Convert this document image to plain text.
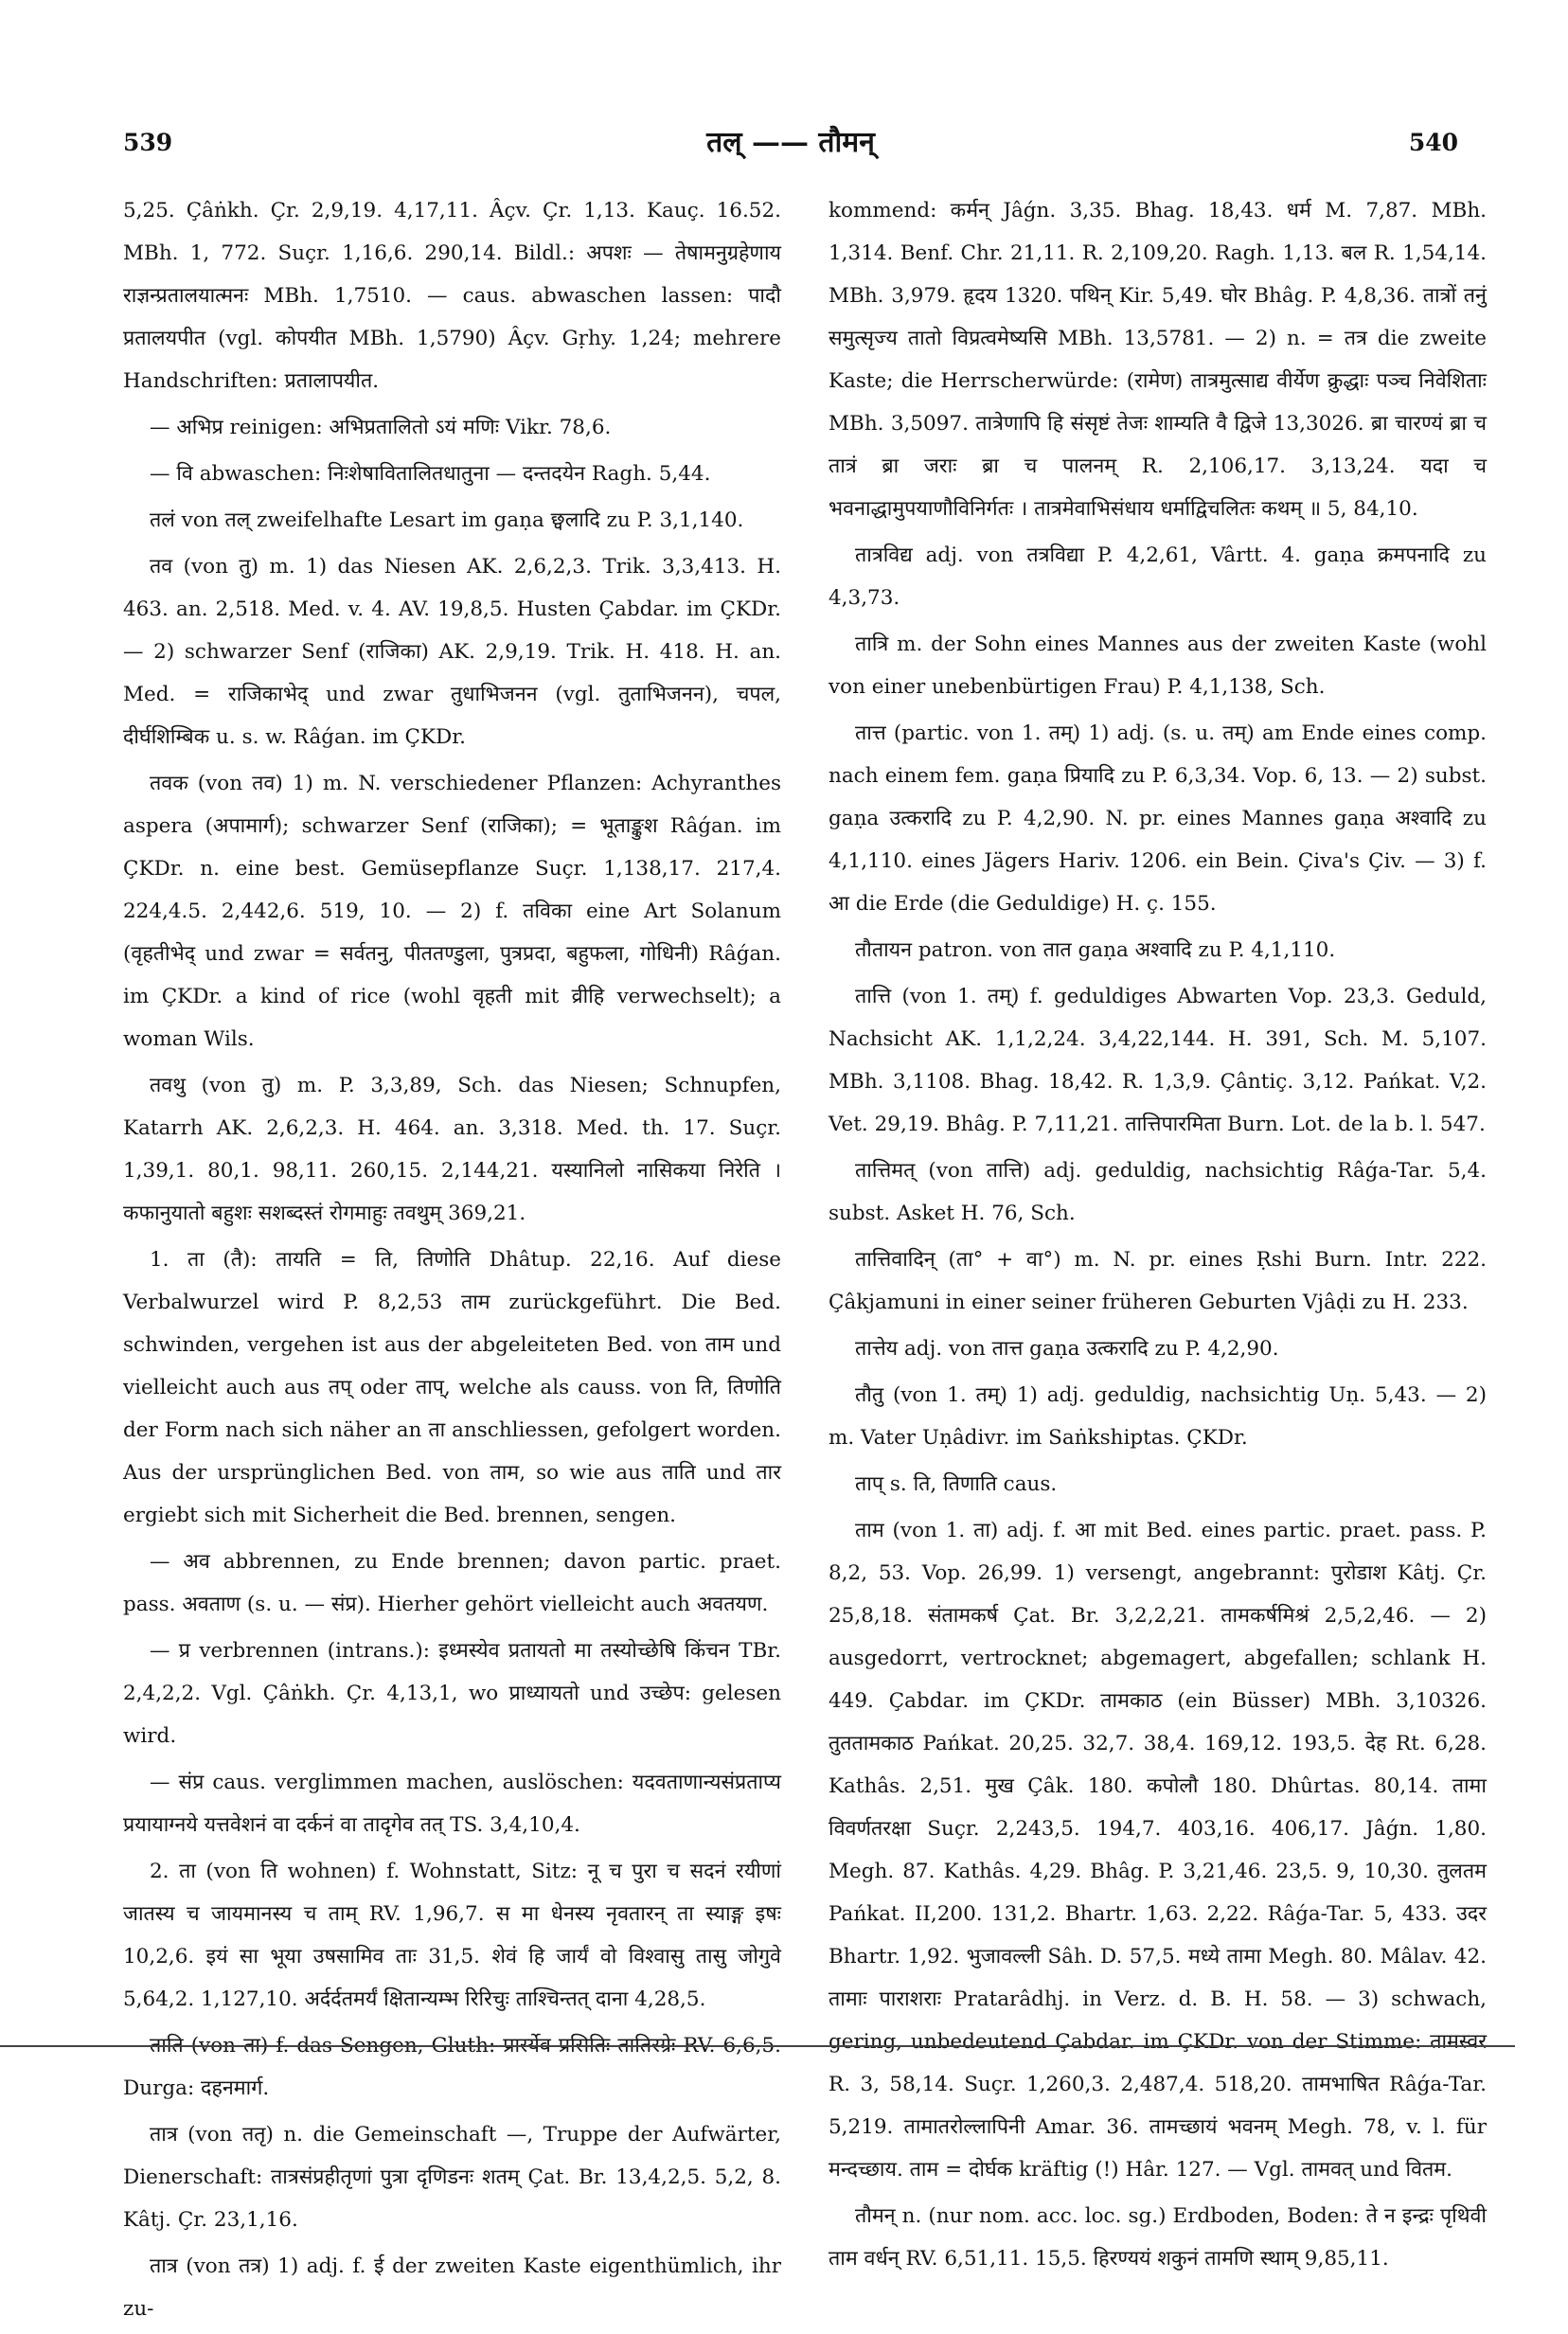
539	तल् —— तौमन्	540

5,25. Çâṅkh. Çr. 2,9,19. 4,17,11. Âçv. Çr. 1,13. Kauç. 16.52. MBh. 1, 772. Suçr. 1,16,6. 290,14. Bildl.: अपशः — तेषामनुग्रहेणाय राज्ञन्प्रतालयात्मनः MBh. 1,7510. — caus. abwaschen lassen: पादौ प्रतालयपीत (vgl. कोपयीत MBh. 1,5790) Âçv. Gṛhy. 1,24; mehrere Handschriften: प्रतालापयीत.

— अभिप्र reinigen: अभिप्रतालितो ऽयं मणिः Vikr. 78,6.

— वि abwaschen: निःशेषावितालितधातुना — दन्तदयेन Ragh. 5,44.

तलं von तल् zweifelhafte Lesart im gaṇa छ्वलादि zu P. 3,1,140.

तव (von तु) m. 1) das Niesen AK. 2,6,2,3. Trik. 3,3,413. H. 463. an. 2,518. Med. v. 4. AV. 19,8,5. Husten Çabdar. im ÇKDr. — 2) schwarzer Senf (राजिका) AK. 2,9,19. Trik. H. 418. H. an. Med. = राजिकाभेद् und zwar तुधाभिजनन (vgl. तुताभिजनन), चपल, दीर्घशिम्बिक u. s. w. Râǵan. im ÇKDr.

तवक (von तव) 1) m. N. verschiedener Pflanzen: Achyranthes aspera (अपामार्ग); schwarzer Senf (राजिका); = भूताङ्कुश Râǵan. im ÇKDr. n. eine best. Gemüsepflanze Suçr. 1,138,17. 217,4. 224,4.5. 2,442,6. 519, 10. — 2) f. तविका eine Art Solanum (वृहतीभेद् und zwar = सर्वतनु, पीततण्डुला, पुत्रप्रदा, बहुफला, गोधिनी) Râǵan. im ÇKDr. a kind of rice (wohl वृहती mit व्रीहि verwechselt); a woman Wils.

तवथु (von तु) m. P. 3,3,89, Sch. das Niesen; Schnupfen, Katarrh AK. 2,6,2,3. H. 464. an. 3,318. Med. th. 17. Suçr. 1,39,1. 80,1. 98,11. 260,15. 2,144,21. यस्यानिलो नासिकया निरेति । कफानुयातो बहुशः सशब्दस्तं रोगमाहुः तवथुम् 369,21.

1. ता (तै): तायति = ति, तिणोति Dhâtup. 22,16. Auf diese Verbalwurzel wird P. 8,2,53 ताम zurückgeführt. Die Bed. schwinden, vergehen ist aus der abgeleiteten Bed. von ताम und vielleicht auch aus तप् oder ताप्, welche als causs. von ति, तिणोति der Form nach sich näher an ता anschliessen, gefolgert worden. Aus der ursprünglichen Bed. von ताम, so wie aus ताति und तार ergiebt sich mit Sicherheit die Bed. brennen, sengen.

— अव abbrennen, zu Ende brennen; davon partic. praet. pass. अवताण (s. u. — संप्र). Hierher gehört vielleicht auch अवतयण.

— प्र verbrennen (intrans.): इध्मस्येव प्रतायतो मा तस्योच्छेषि किंचन TBr. 2,4,2,2. Vgl. Çâṅkh. Çr. 4,13,1, wo प्राध्यायतो und उच्छेप: gelesen wird.

— संप्र caus. verglimmen machen, auslöschen: यदवताणान्यसंप्रताप्य प्रयायाग्नये यत्तवेशनं वा दर्कनं वा तादृगेव तत् TS. 3,4,10,4.

2. ता (von ति wohnen) f. Wohnstatt, Sitz: नू च पुरा च सदनं रयीणां जातस्य च जायमानस्य च ताम् RV. 1,96,7. स मा धेनस्य नृवतारन् ता स्याङ्ग इषः 10,2,6. इयं सा भूया उषसामिव ताः 31,5. शेवं हि जार्यं वो विश्वासु तासु जोगुवे 5,64,2. 1,127,10. अर्दर्दतमर्यं क्षितान्यम्भ रिरिचुः ताश्चिन्तत् दाना 4,28,5.

ताति (von ता) f. das Sengen, Gluth: प्रार्स्येव प्रसितिः तातिरग्रेः RV. 6,6,5. Durga: दहनमार्ग.

तात्र (von ततृ) n. die Gemeinschaft —, Truppe der Aufwärter, Dienerschaft: तात्रसंप्रहीतृणां पुत्रा दृणिडनः शतम् Çat. Br. 13,4,2,5. 5,2, 8. Kâtj. Çr. 23,1,16.

तात्र (von तत्र) 1) adj. f. ई der zweiten Kaste eigenthümlich, ihr zu-

kommend: कर्मन् Jâǵn. 3,35. Bhag. 18,43. धर्म M. 7,87. MBh. 1,314. Benf. Chr. 21,11. R. 2,109,20. Ragh. 1,13. बल R. 1,54,14. MBh. 3,979. हृदय 1320. पथिन् Kir. 5,49. घोर Bhâg. P. 4,8,36. तात्रों तनुं समुत्सृज्य तातो विप्रत्वमेष्यसि MBh. 13,5781. — 2) n. = तत्र die zweite Kaste; die Herrscherwürde: (रामेण) तात्रमुत्साद्य वीर्येण क्रुद्धाः पञ्च निवेशिताः MBh. 3,5097. तात्रेणापि हि संसृष्टं तेजः शाम्यति वै द्विजे 13,3026. ब्रा चारण्यं ब्रा च तात्रं ब्रा जराः ब्रा च पालनम् R. 2,106,17. 3,13,24. यदा च भवनाद्धामुपयाणौविनिर्गतः । तात्रमेवाभिसंधाय धर्माद्विचलितः कथम् ॥ 5, 84,10.

तात्रविद्य adj. von तत्रविद्या P. 4,2,61, Vârtt. 4. gaṇa क्रमपनादि zu 4,3,73.

तात्रि m. der Sohn eines Mannes aus der zweiten Kaste (wohl von einer unebenbürtigen Frau) P. 4,1,138, Sch.

तात्त (partic. von 1. तम्) 1) adj. (s. u. तम्) am Ende eines comp. nach einem fem. gaṇa प्रियादि zu P. 6,3,34. Vop. 6, 13. — 2) subst. gaṇa उत्करादि zu P. 4,2,90. N. pr. eines Mannes gaṇa अश्वादि zu 4,1,110. eines Jägers Hariv. 1206. ein Bein. Çiva's Çiv. — 3) f. आ die Erde (die Geduldige) H. ç. 155.

तौतायन patron. von तात gaṇa अश्वादि zu P. 4,1,110.

तात्ति (von 1. तम्) f. geduldiges Abwarten Vop. 23,3. Geduld, Nachsicht AK. 1,1,2,24. 3,4,22,144. H. 391, Sch. M. 5,107. MBh. 3,1108. Bhag. 18,42. R. 1,3,9. Çântiç. 3,12. Pańkat. V,2. Vet. 29,19. Bhâg. P. 7,11,21. तात्तिपारमिता Burn. Lot. de la b. l. 547.

तात्तिमत् (von तात्ति) adj. geduldig, nachsichtig Râǵa-Tar. 5,4. subst. Asket H. 76, Sch.

तात्तिवादिन् (ता° + वा°) m. N. pr. eines Ṛshi Burn. Intr. 222. Çâkjamuni in einer seiner früheren Geburten Vjâḍi zu H. 233.

तात्तेय adj. von तात्त gaṇa उत्करादि zu P. 4,2,90.

तौतु (von 1. तम्) 1) adj. geduldig, nachsichtig Uṇ. 5,43. — 2) m. Vater Uṇâdivr. im Saṅkshiptas. ÇKDr.

ताप् s. ति, तिणाति caus.

ताम (von 1. ता) adj. f. आ mit Bed. eines partic. praet. pass. P. 8,2, 53. Vop. 26,99. 1) versengt, angebrannt: पुरोडाश Kâtj. Çr. 25,8,18. संतामकर्ष Çat. Br. 3,2,2,21. तामकर्षमिश्रं 2,5,2,46. — 2) ausgedorrt, vertrocknet; abgemagert, abgefallen; schlank H. 449. Çabdar. im ÇKDr. तामकाठ (ein Büsser) MBh. 3,10326. तुततामकाठ Pańkat. 20,25. 32,7. 38,4. 169,12. 193,5. देह Rt. 6,28. Kathâs. 2,51. मुख Çâk. 180. कपोलौ 180. Dhûrtas. 80,14. तामा विवर्णतरक्षा Suçr. 2,243,5. 194,7. 403,16. 406,17. Jâǵn. 1,80. Megh. 87. Kathâs. 4,29. Bhâg. P. 3,21,46. 23,5. 9, 10,30. तुलतम Pańkat. II,200. 131,2. Bhartr. 1,63. 2,22. Râǵa-Tar. 5, 433. उदर Bhartr. 1,92. भुजावल्ली Sâh. D. 57,5. मध्ये तामा Megh. 80. Mâlav. 42. तामाः पाराशराः Pratarâdhj. in Verz. d. B. H. 58. — 3) schwach, gering, unbedeutend Çabdar. im ÇKDr. von der Stimme: तामस्वर R. 3, 58,14. Suçr. 1,260,3. 2,487,4. 518,20. तामभाषित Râǵa-Tar. 5,219. तामातरोल्लापिनी Amar. 36. तामच्छायं भवनम् Megh. 78, v. l. für मन्दच्छाय. ताम = दोर्घक kräftig (!) Hâr. 127. — Vgl. तामवत् und वितम.

तौमन् n. (nur nom. acc. loc. sg.) Erdboden, Boden: ते न इन्द्रः पृथिवी ताम वर्धन् RV. 6,51,11. 15,5. हिरण्ययं शकुनं तामणि स्थाम् 9,85,11.
